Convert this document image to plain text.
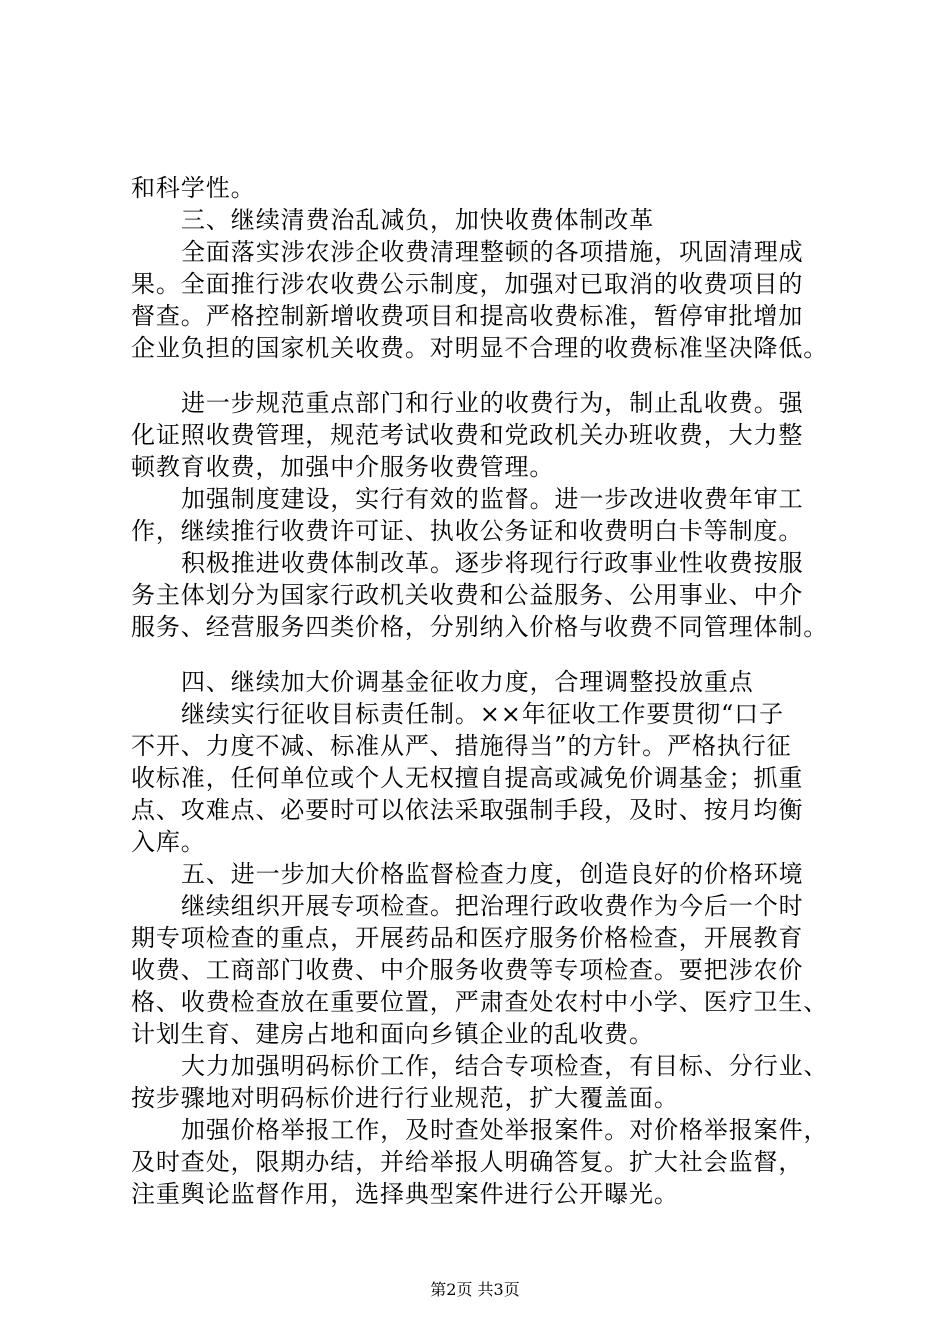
和科学性。
三、继续清费治乱减负，加快收费体制改革
全面落实涉农涉企收费清理整顿的各项措施，巩固清理成
果。全面推行涉农收费公示制度，加强对已取消的收费项目的
督查。严格控制新增收费项目和提高收费标准，暂停审批增加
企业负担的国家机关收费。对明显不合理的收费标准坚决降低。
进一步规范重点部门和行业的收费行为，制止乱收费。强
化证照收费管理，规范考试收费和党政机关办班收费，大力整
顿教育收费，加强中介服务收费管理。
加强制度建设，实行有效的监督。进一步改进收费年审工
作，继续推行收费许可证、执收公务证和收费明白卡等制度。
积极推进收费体制改革。逐步将现行行政事业性收费按服
务主体划分为国家行政机关收费和公益服务、公用事业、中介
服务、经营服务四类价格，分别纳入价格与收费不同管理体制。
四、继续加大价调基金征收力度，合理调整投放重点
继续实行征收目标责任制。××年征收工作要贯彻“口子
不开、力度不减、标准从严、措施得当”的方针。严格执行征
收标准，任何单位或个人无权擅自提高或减免价调基金；抓重
点、攻难点、必要时可以依法采取强制手段，及时、按月均衡
入库。
五、进一步加大价格监督检查力度，创造良好的价格环境
继续组织开展专项检查。把治理行政收费作为今后一个时
期专项检查的重点，开展药品和医疗服务价格检查，开展教育
收费、工商部门收费、中介服务收费等专项检查。要把涉农价
格、收费检查放在重要位置，严肃查处农村中小学、医疗卫生、
计划生育、建房占地和面向乡镇企业的乱收费。
大力加强明码标价工作，结合专项检查，有目标、分行业、
按步骤地对明码标价进行行业规范，扩大覆盖面。
加强价格举报工作，及时查处举报案件。对价格举报案件，
及时查处，限期办结，并给举报人明确答复。扩大社会监督，
注重舆论监督作用，选择典型案件进行公开曝光。
第2页 共3页
